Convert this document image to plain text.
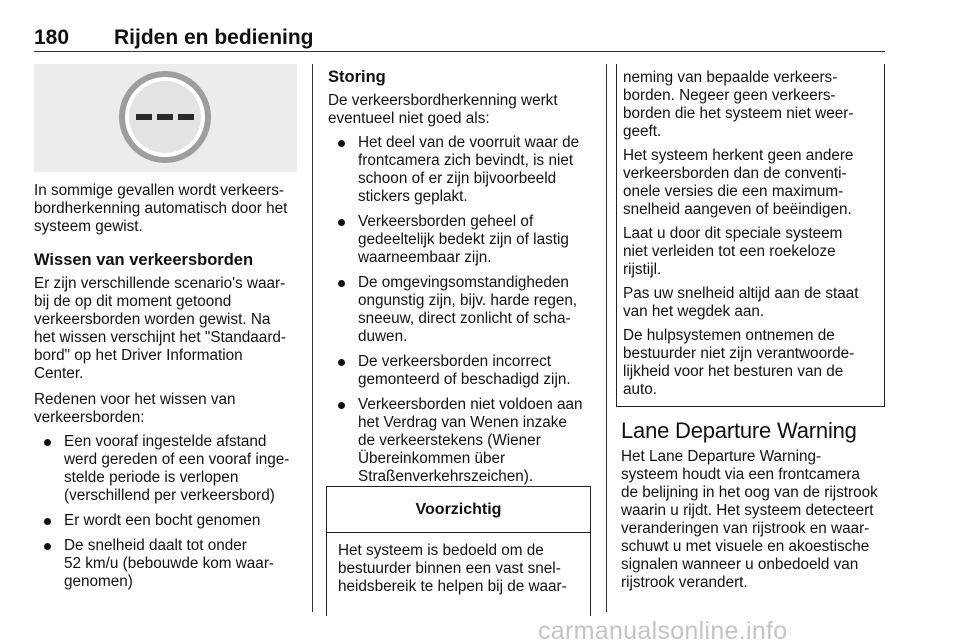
180 Rijden en bediening

In sommige gevallen wordt verkeers-
bordherkenning automatisch door het
systeem gewist.

Wissen van verkeersborden

Er zijn verschillende scenario's waar-
bij de op dit moment getoond
verkeersborden worden gewist. Na
het wissen verschijnt het "Standaard-
bord" op het Driver Information
Center.

Redenen voor het wissen van
verkeersborden:

Een vooraf ingestelde afstand
werd gereden of een vooraf inge-
stelde periode is verlopen
(verschillend per verkeersbord)
Er wordt een bocht genomen
De snelheid daalt tot onder
52 km/u (bebouwde kom waar-
genomen)
Storing

De verkeersbordherkenning werkt
eventueel niet goed als:

Het deel van de voorruit waar de
frontcamera zich bevindt, is niet
schoon of er zijn bijvoorbeeld
stickers geplakt.
Verkeersborden geheel of
gedeeltelijk bedekt zijn of lastig
waarneembaar zijn.
De omgevingsomstandigheden
ongunstig zijn, bijv. harde regen,
sneeuw, direct zonlicht of scha-
duwen.
De verkeersborden incorrect
gemonteerd of beschadigd zijn.
Verkeersborden niet voldoen aan
het Verdrag van Wenen inzake
de verkeerstekens (Wiener
Übereinkommen über
Straßenverkehrszeichen).
Voorzichtig
Het systeem is bedoeld om de
bestuurder binnen een vast snel-
heidsbereik te helpen bij de waar-

neming van bepaalde verkeers-
borden. Negeer geen verkeers-
borden die het systeem niet weer-
geeft.

Het systeem herkent geen andere
verkeersborden dan de conventi-
onele versies die een maximum-
snelheid aangeven of beëindigen.

Laat u door dit speciale systeem
niet verleiden tot een roekeloze
rijstijl.

Pas uw snelheid altijd aan de staat
van het wegdek aan.

De hulpsystemen ontnemen de
bestuurder niet zijn verantwoorde-
lijkheid voor het besturen van de
auto.

Lane Departure Warning

Het Lane Departure Warning-
systeem houdt via een frontcamera
de belijning in het oog van de rijstrook
waarin u rijdt. Het systeem detecteert
veranderingen van rijstrook en waar-
schuwt u met visuele en akoestische
signalen wanneer u onbedoeld van
rijstrook verandert.

carmanualsonline.info
